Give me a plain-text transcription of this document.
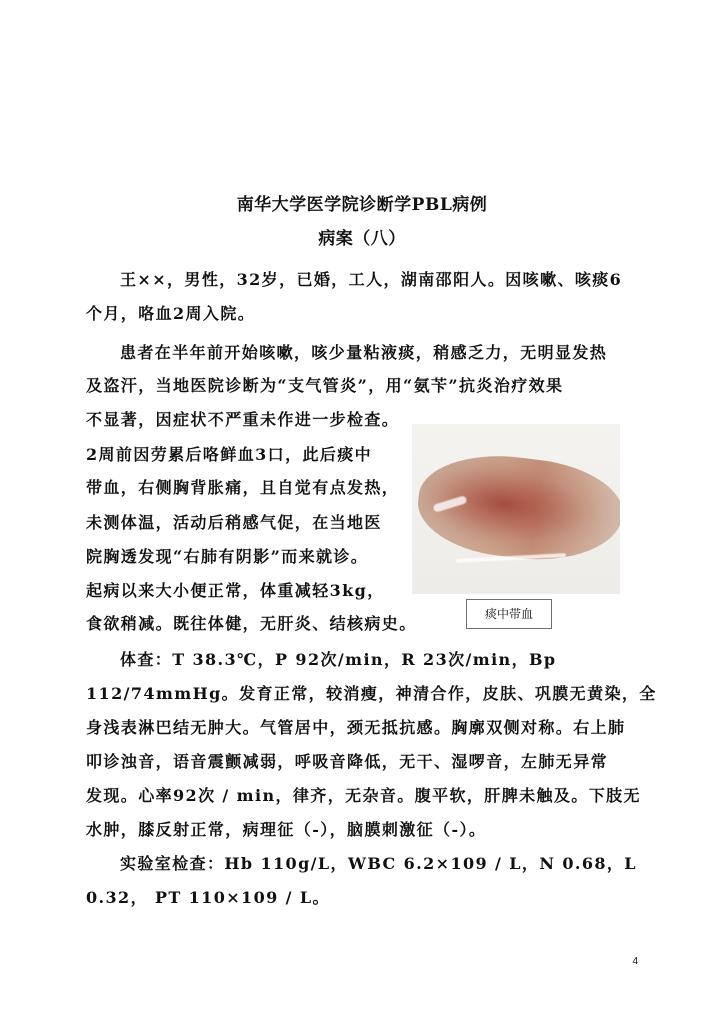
南华大学医学院诊断学PBL病例
病案（八）
王××，男性，32岁，已婚，工人，湖南邵阳人。因咳嗽、咳痰6
个月，咯血2周入院。
患者在半年前开始咳嗽，咳少量粘液痰，稍感乏力，无明显发热
及盗汗，当地医院诊断为“支气管炎”，用“氨苄”抗炎治疗效果
不显著，因症状不严重未作进一步检查。
2周前因劳累后咯鲜血3口，此后痰中
带血，右侧胸背胀痛，且自觉有点发热，
未测体温，活动后稍感气促，在当地医
院胸透发现“右肺有阴影”而来就诊。
起病以来大小便正常，体重减轻3kg，
食欲稍减。既往体健，无肝炎、结核病史。	痰中带血
体查：T 38.3℃，P 92次/min，R 23次/min，Bp
112/74mmHg。发育正常，较消瘦，神清合作，皮肤、巩膜无黄染，全
身浅表淋巴结无肿大。气管居中，颈无抵抗感。胸廓双侧对称。右上肺
叩诊浊音，语音震颤减弱，呼吸音降低，无干、湿啰音，左肺无异常
发现。心率92次 / min，律齐，无杂音。腹平软，肝脾未触及。下肢无
水肿，膝反射正常，病理征（-），脑膜刺激征（-）。
实验室检查：Hb 110g/L，WBC 6.2×109 / L，N 0.68，L
0.32， PT 110×109 / L。
4
